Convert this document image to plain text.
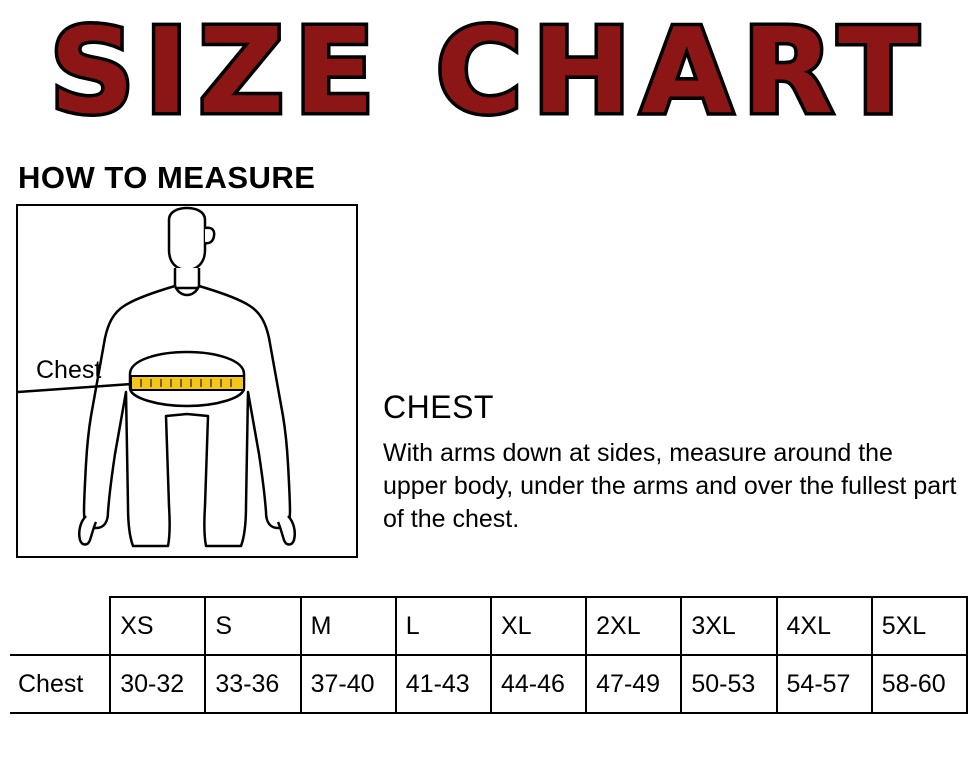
SIZE CHART
HOW TO MEASURE
Chest
CHEST
With arms down at sides, measure around the upper body, under the arms and over the fullest part of the chest.
	XS	S	M	L	XL	2XL	3XL	4XL	5XL
Chest	30-32	33-36	37-40	41-43	44-46	47-49	50-53	54-57	58-60
